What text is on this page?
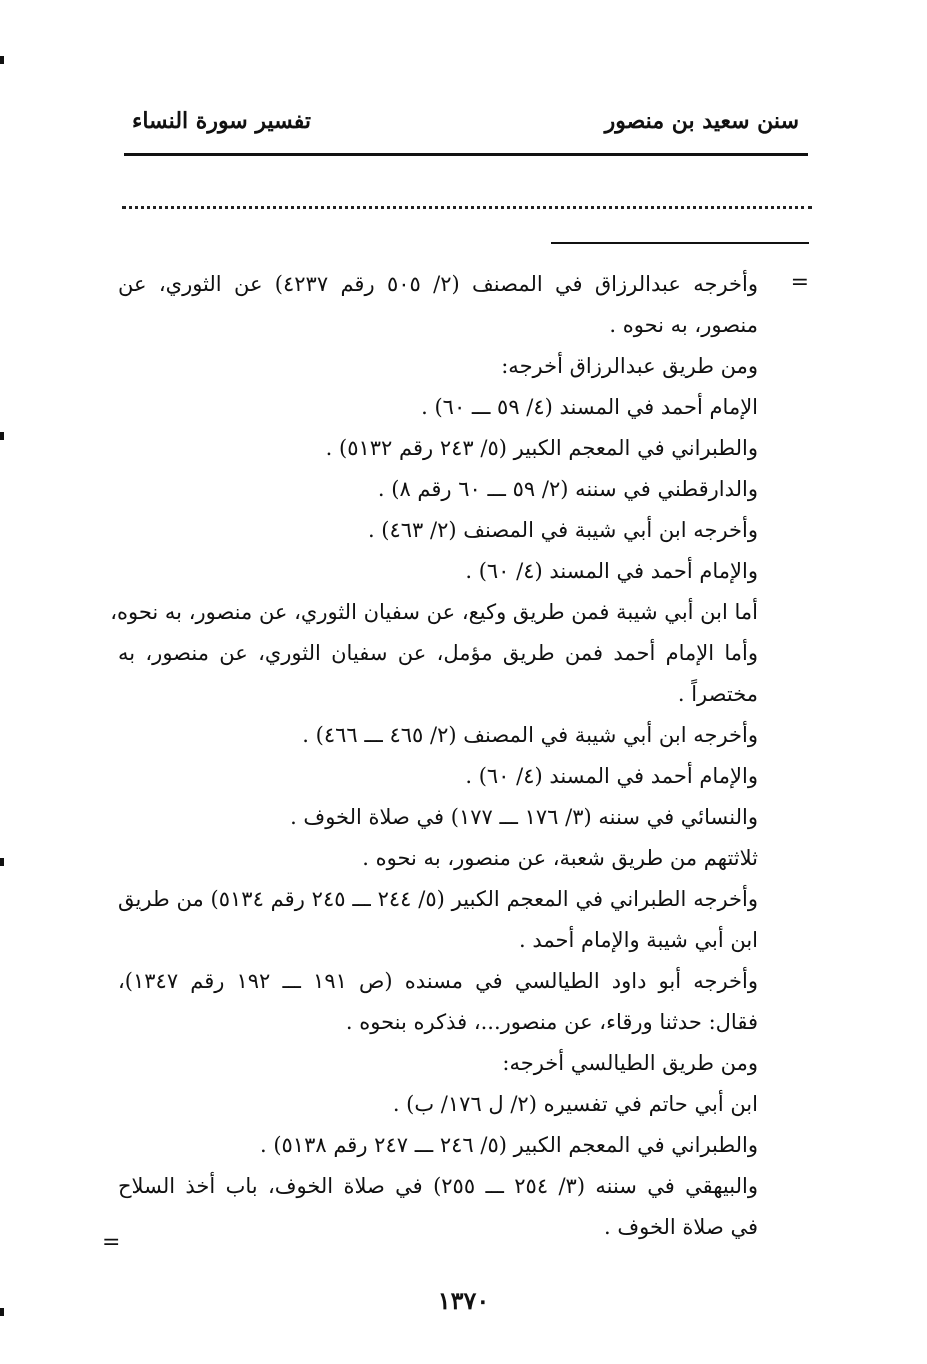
سنن سعيد بن منصور
تفسير سورة النساء
=
=
وأخرجه عبدالرزاق في المصنف (٢/ ٥٠٥ رقم ٤٢٣٧) عن الثوري، عن
منصور، به نحوه .
ومن طريق عبدالرزاق أخرجه:
الإمام أحمد في المسند (٤/ ٥٩ ـــ ٦٠) .
والطبراني في المعجم الكبير (٥/ ٢٤٣ رقم ٥١٣٢) .
والدارقطني في سننه (٢/ ٥٩ ـــ ٦٠ رقم ٨) .
وأخرجه ابن أبي شيبة في المصنف (٢/ ٤٦٣) .
والإمام أحمد في المسند (٤/ ٦٠) .
أما ابن أبي شيبة فمن طريق وكيع، عن سفيان الثوري، عن منصور، به نحوه،
وأما الإمام أحمد فمن طريق مؤمل، عن سفيان الثوري، عن منصور، به
مختصراً .
وأخرجه ابن أبي شيبة في المصنف (٢/ ٤٦٥ ـــ ٤٦٦) .
والإمام أحمد في المسند (٤/ ٦٠) .
والنسائي في سننه (٣/ ١٧٦ ـــ ١٧٧) في صلاة الخوف .
ثلاثتهم من طريق شعبة، عن منصور، به نحوه .
وأخرجه الطبراني في المعجم الكبير (٥/ ٢٤٤ ـــ ٢٤٥ رقم ٥١٣٤) من طريق
ابن أبي شيبة والإمام أحمد .
وأخرجه أبو داود الطيالسي في مسنده (ص ١٩١ ـــ ١٩٢ رقم ١٣٤٧)،
فقال: حدثنا ورقاء، عن منصور...، فذكره بنحوه .
ومن طريق الطيالسي أخرجه:
ابن أبي حاتم في تفسيره (٢/ ل ١٧٦/ ب) .
والطبراني في المعجم الكبير (٥/ ٢٤٦ ـــ ٢٤٧ رقم ٥١٣٨) .
والبيهقي في سننه (٣/ ٢٥٤ ـــ ٢٥٥) في صلاة الخوف، باب أخذ السلاح
في صلاة الخوف .
١٣٧٠
